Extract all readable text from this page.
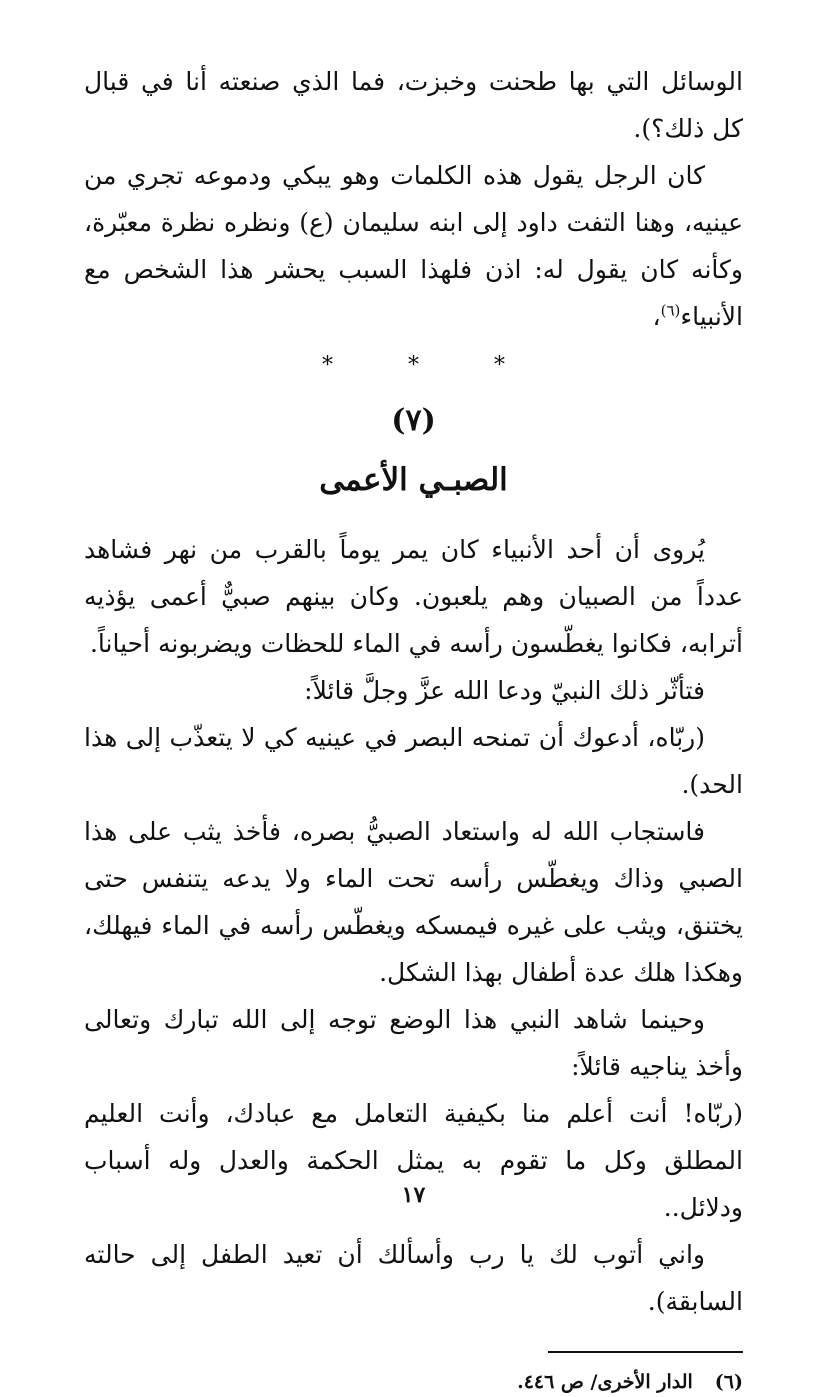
الوسائل التي بها طحنت وخبزت، فما الذي صنعته أنا في قبال كل ذلك؟).

كان الرجل يقول هذه الكلمات وهو يبكي ودموعه تجري من عينيه، وهنا التفت داود إلى ابنه سليمان (ع) ونظره نظرة معبّرة، وكأنه كان يقول له: اذن فلهذا السبب يحشر هذا الشخص مع الأنبياء$^{(٦)}$،

* * *
(٧)
الصبـي الأعمى

يُروى أن أحد الأنبياء كان يمر يوماً بالقرب من نهر فشاهد عدداً من الصبيان وهم يلعبون. وكان بينهم صبيٌّ أعمى يؤذيه أترابه، فكانوا يغطّسون رأسه في الماء للحظات ويضربونه أحياناً.

فتأثّر ذلك النبيّ ودعا الله عزَّ وجلَّ قائلاً:

(ربّاه، أدعوك أن تمنحه البصر في عينيه كي لا يتعذّب إلى هذا الحد).

فاستجاب الله له واستعاد الصبيُّ بصره، فأخذ يثب على هذا الصبي وذاك ويغطّس رأسه تحت الماء ولا يدعه يتنفس حتى يختنق، ويثب على غيره فيمسكه ويغطّس رأسه في الماء فيهلك، وهكذا هلك عدة أطفال بهذا الشكل.

وحينما شاهد النبي هذا الوضع توجه إلى الله تبارك وتعالى وأخذ يناجيه قائلاً:

(ربّاه! أنت أعلم منا بكيفية التعامل مع عبادك، وأنت العليم المطلق وكل ما تقوم به يمثل الحكمة والعدل وله أسباب ودلائل..

واني أتوب لك يا رب وأسألك أن تعيد الطفل إلى حالته السابقة).

(٦)الدار الأخرى/ ص ٤٤٦.

١٧
